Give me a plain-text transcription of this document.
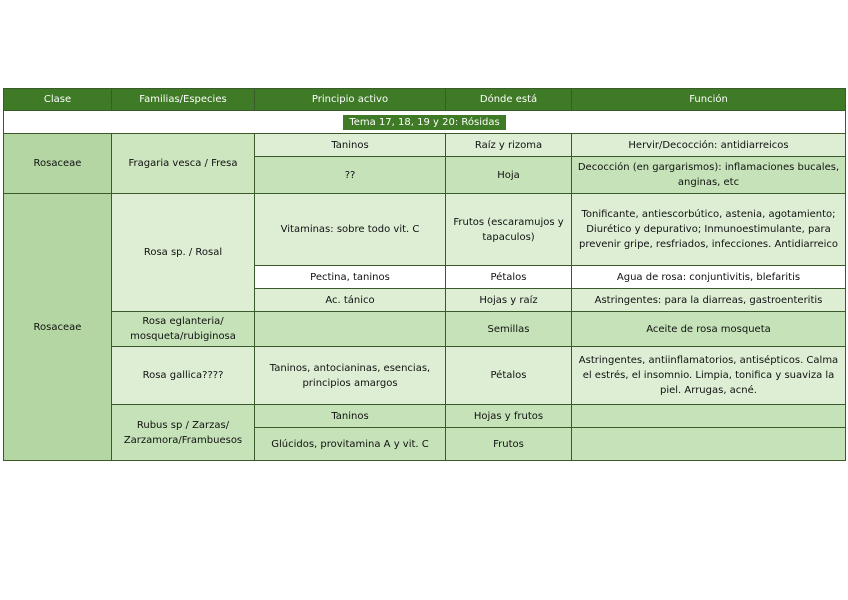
Clase	Familias/Especies	Principio activo	Dónde está	Función
Tema 17, 18, 19 y 20: Rósidas				
Rosaceae	Fragaria vesca / Fresa	Taninos	Raíz y rizoma	Hervir/Decocción: antidiarreicos
		??	Hoja	Decocción (en gargarismos): inflamaciones bucales, anginas, etc
Rosaceae	Rosa sp. / Rosal	Vitaminas: sobre todo vit. C	Frutos (escaramujos y tapaculos)	Tonificante, antiescorbútico, astenia, agotamiento; Diurético y depurativo; Inmunoestimulante, para prevenir gripe, resfriados, infecciones. Antidiarreico
		Pectina, taninos	Pétalos	Agua de rosa: conjuntivitis, blefaritis
		Ac. tánico	Hojas y raíz	Astringentes: para la diarreas, gastroenteritis
	Rosa eglanteria/ mosqueta/rubiginosa		Semillas	Aceite de rosa mosqueta
	Rosa gallica????	Taninos, antocianinas, esencias, principios amargos	Pétalos	Astringentes, antiinflamatorios, antisépticos. Calma el estrés, el insomnio. Limpia, tonifica y suaviza la piel. Arrugas, acné.
	Rubus sp / Zarzas/ Zarzamora/Frambuesos	Taninos	Hojas y frutos	
		Glúcidos, provitamina A y vit. C	Frutos	
